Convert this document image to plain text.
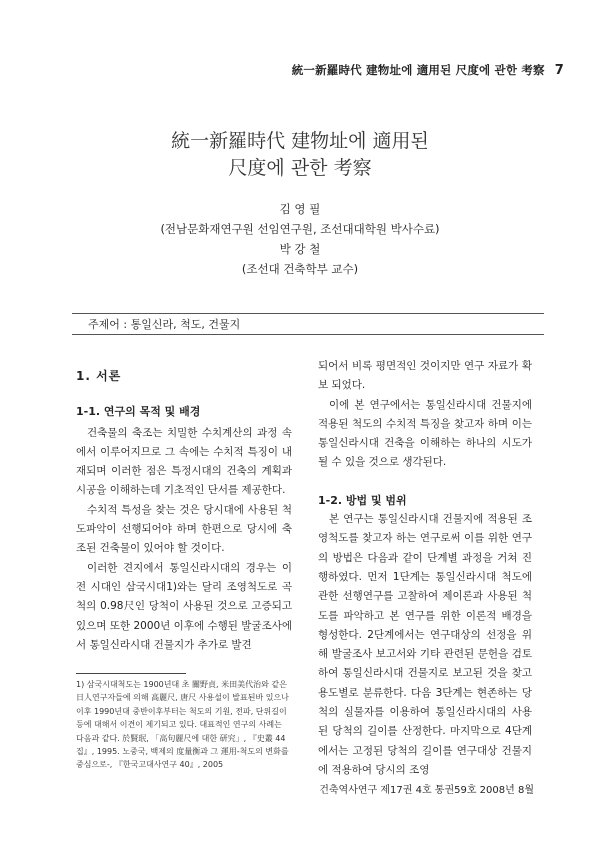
統一新羅時代 建物址에 適用된 尺度에 관한 考察 7
統一新羅時代 建物址에 適用된
尺度에 관한 考察
김 영 필
(전남문화재연구원 선임연구원, 조선대대학원 박사수료)
박 강 철
(조선대 건축학부 교수)
주제어 : 통일신라, 척도, 건물지
1. 서론
1-1. 연구의 목적 및 배경

건축물의 축조는 치밀한 수치계산의 과정 속에서 이루어지므로 그 속에는 수치적 특징이 내재되며 이러한 점은 특정시대의 건축의 계획과 시공을 이해하는데 기초적인 단서를 제공한다.

수치적 특성을 찾는 것은 당시대에 사용된 척도파악이 선행되어야 하며 한편으로 당시에 축조된 건축물이 있어야 할 것이다.

이러한 견지에서 통일신라시대의 경우는 이전 시대인 삼국시대1)와는 달리 조영척도로 곡척의 0.98尺인 당척이 사용된 것으로 고증되고 있으며 또한 2000년 이후에 수행된 발굴조사에서 통일신라시대 건물지가 추가로 발견

1) 삼국시대척도는 1900년대 초 關野貞, 米田美代治와 같은 日人연구자들에 의해 高麗尺, 唐尺 사용설이 발표된바 있으나 이후 1990년대 중반이후부터는 척도의 기원, 전파, 단위길이 등에 대해서 이견이 제기되고 있다. 대표적인 연구의 사례는 다음과 같다. 於賢珉, 「高句麗尺에 대한 研究」, 『史叢 44집』, 1995. 노중국, 백제의 度量衡과 그 運用-척도의 변화를 중심으로-, 『한국고대사연구 40』, 2005

되어서 비록 평면적인 것이지만 연구 자료가 확보 되었다.

이에 본 연구에서는 통일신라시대 건물지에 적용된 척도의 수치적 특징을 찾고자 하며 이는 통일신라시대 건축을 이해하는 하나의 시도가 될 수 있을 것으로 생각된다.

1-2. 방법 및 범위

본 연구는 통일신라시대 건물지에 적용된 조영척도를 찾고자 하는 연구로써 이를 위한 연구의 방법은 다음과 같이 단계별 과정을 거쳐 진행하였다. 먼저 1단계는 통일신라시대 척도에 관한 선행연구를 고찰하여 제이론과 사용된 척도를 파악하고 본 연구를 위한 이론적 배경을 형성한다. 2단계에서는 연구대상의 선정을 위해 발굴조사 보고서와 기타 관련된 문헌을 검토하여 통일신라시대 건물지로 보고된 것을 찾고 용도별로 분류한다. 다음 3단계는 현존하는 당척의 실물자를 이용하여 통일신라시대의 사용된 당척의 길이를 산정한다. 마지막으로 4단계에서는 고정된 당척의 길이를 연구대상 건물지에 적용하여 당시의 조영

건축역사연구 제17권 4호 통권59호 2008년 8월
